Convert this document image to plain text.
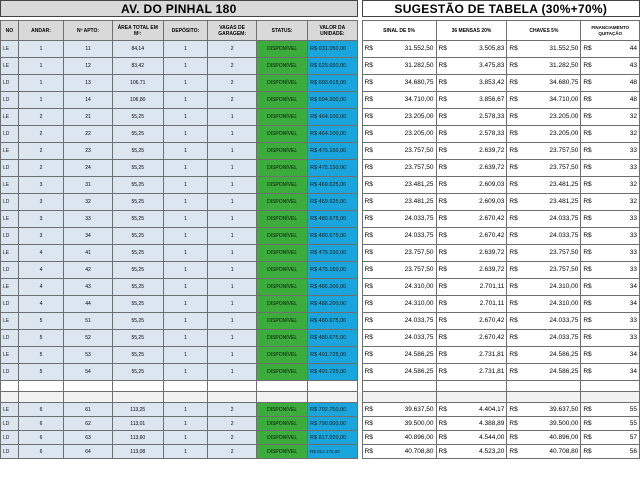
AV. DO PINHAL 180									SUGESTÃO DE TABELA (30%+70%)			

NO	ANDAR:	Nº APTO:	ÁREA TOTAL EM M²:	DEPÓSITO:	VAGAS DE GARAGEM:	STATUS:	VALOR DA UNIDADE:		SINAL DE 5%	36 MENSAS 20%	CHAVES 5%	FINANCIAMENTO QUITAÇÃO
LE	1	11	84,14	1	2	DISPONÍVEL	R$ 631.050,00		R$ 31.552,50	R$ 3.505,83	R$ 31.552,50	R$ 44

LE	1	12	83,42	1	2	DISPONÍVEL	R$ 625.650,00		R$ 31.282,50	R$ 3.475,83	R$ 31.282,50	R$ 43

LD	1	13	106,71	1	2	DISPONÍVEL	R$ 693.615,00		R$ 34.680,75	R$ 3.853,42	R$ 34.680,75	R$ 48

LD	1	14	106,80	1	2	DISPONÍVEL	R$ 694.200,00		R$ 34.710,00	R$ 3.856,67	R$ 34.710,00	R$ 48

LE	2	21	55,25	1	1	DISPONÍVEL	R$ 464.100,00		R$ 23.205,00	R$ 2.578,33	R$ 23.205,00	R$ 32

LD	2	22	55,25	1	1	DISPONÍVEL	R$ 464.100,00		R$ 23.205,00	R$ 2.578,33	R$ 23.205,00	R$ 32

LE	2	23	55,25	1	1	DISPONÍVEL	R$ 475.150,00		R$ 23.757,50	R$ 2.639,72	R$ 23.757,50	R$ 33

LD	2	24	55,25	1	1	DISPONÍVEL	R$ 475.150,00		R$ 23.757,50	R$ 2.639,72	R$ 23.757,50	R$ 33

LE	3	31	55,25	1	1	DISPONÍVEL	R$ 469.625,00		R$ 23.481,25	R$ 2.609,03	R$ 23.481,25	R$ 32

LD	3	32	55,25	1	1	DISPONÍVEL	R$ 469.625,00		R$ 23.481,25	R$ 2.609,03	R$ 23.481,25	R$ 32

LE	3	33	55,25	1	1	DISPONÍVEL	R$ 480.675,00		R$ 24.033,75	R$ 2.670,42	R$ 24.033,75	R$ 33

LD	3	34	55,25	1	1	DISPONÍVEL	R$ 480.675,00		R$ 24.033,75	R$ 2.670,42	R$ 24.033,75	R$ 33

LE	4	41	55,25	1	1	DISPONÍVEL	R$ 475.150,00		R$ 23.757,50	R$ 2.639,72	R$ 23.757,50	R$ 33

LD	4	42	55,25	1	1	DISPONÍVEL	R$ 475.150,00		R$ 23.757,50	R$ 2.639,72	R$ 23.757,50	R$ 33

LE	4	43	55,25	1	1	DISPONÍVEL	R$ 486.200,00		R$ 24.310,00	R$ 2.701,11	R$ 24.310,00	R$ 34

LD	4	44	55,25	1	1	DISPONÍVEL	R$ 486.200,00		R$ 24.310,00	R$ 2.701,11	R$ 24.310,00	R$ 34

LE	5	51	55,25	1	1	DISPONÍVEL	R$ 480.675,00		R$ 24.033,75	R$ 2.670,42	R$ 24.033,75	R$ 33

LD	5	52	55,25	1	1	DISPONÍVEL	R$ 480.675,00		R$ 24.033,75	R$ 2.670,42	R$ 24.033,75	R$ 33

LE	5	53	55,25	1	1	DISPONÍVEL	R$ 491.725,00		R$ 24.586,25	R$ 2.731,81	R$ 24.586,25	R$ 34

LD	5	54	55,25	1	1	DISPONÍVEL	R$ 491.725,00		R$ 24.586,25	R$ 2.731,81	R$ 24.586,25	R$ 34

LE	6	61	113,25	1	2	DISPONÍVEL	R$ 792.750,00		R$ 39.637,50	R$ 4.404,17	R$ 39.637,50	R$ 55

LD	6	62	113,01	1	2	DISPONÍVEL	R$ 790.000,00		R$ 39.500,00	R$ 4.388,89	R$ 39.500,00	R$ 55

LD	6	63	113,60	1	2	DISPONÍVEL	R$ 817.920,00		R$ 40.896,00	R$ 4.544,00	R$ 40.896,00	R$ 57

LD	6	64	113,08	1	2	DISPONÍVEL	R$ 814.176,00		R$ 40.708,80	R$ 4.523,20	R$ 40.708,80	R$ 56
